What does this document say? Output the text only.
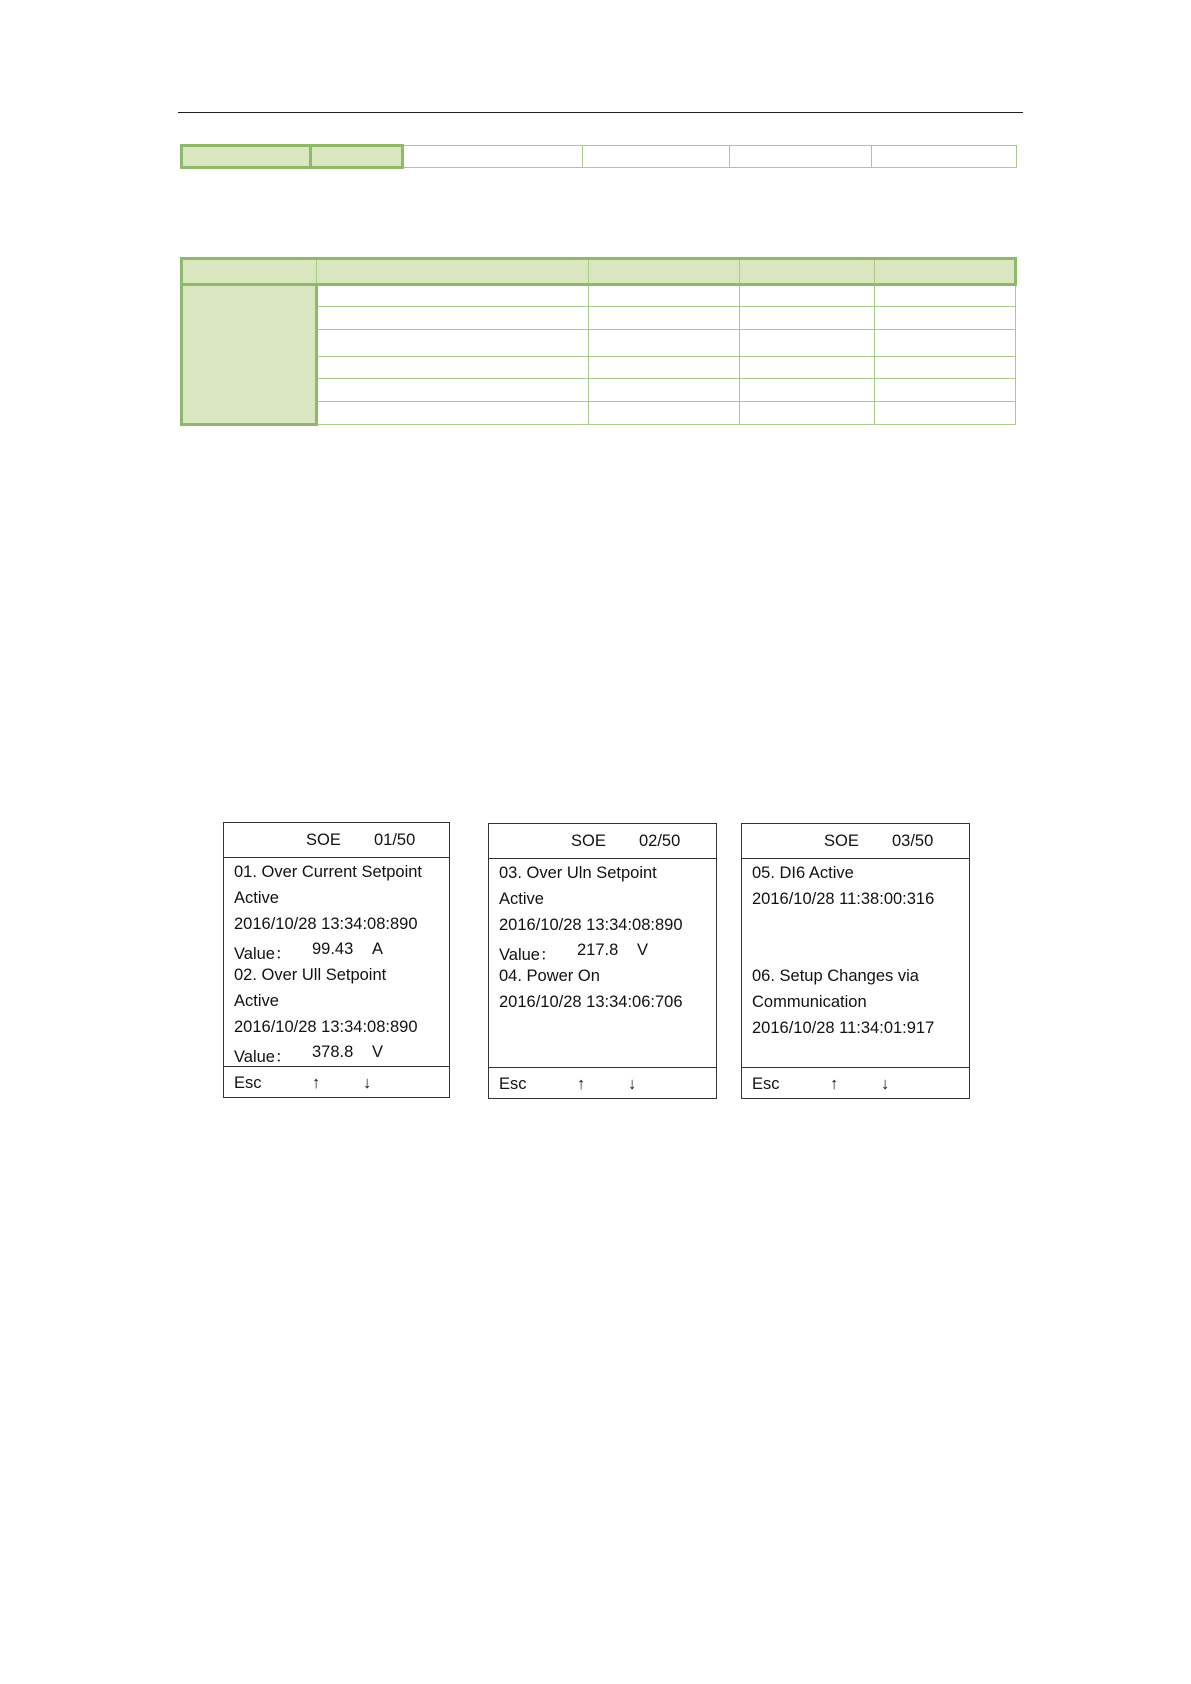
SOE 01/50
01. Over Current Setpoint
Active
2016/10/28 13:34:08:890
Value： 99.43 A
02. Over Ull Setpoint
Active
2016/10/28 13:34:08:890
Value： 378.8 V
Esc	↑	↓
SOE 02/50
03. Over Uln Setpoint
Active
2016/10/28 13:34:08:890
Value： 217.8 V
04. Power On
2016/10/28 13:34:06:706
Esc	↑	↓
SOE 03/50
05. DI6 Active
2016/10/28 11:38:00:316
06. Setup Changes via
Communication
2016/10/28 11:34:01:917
Esc	↑	↓
